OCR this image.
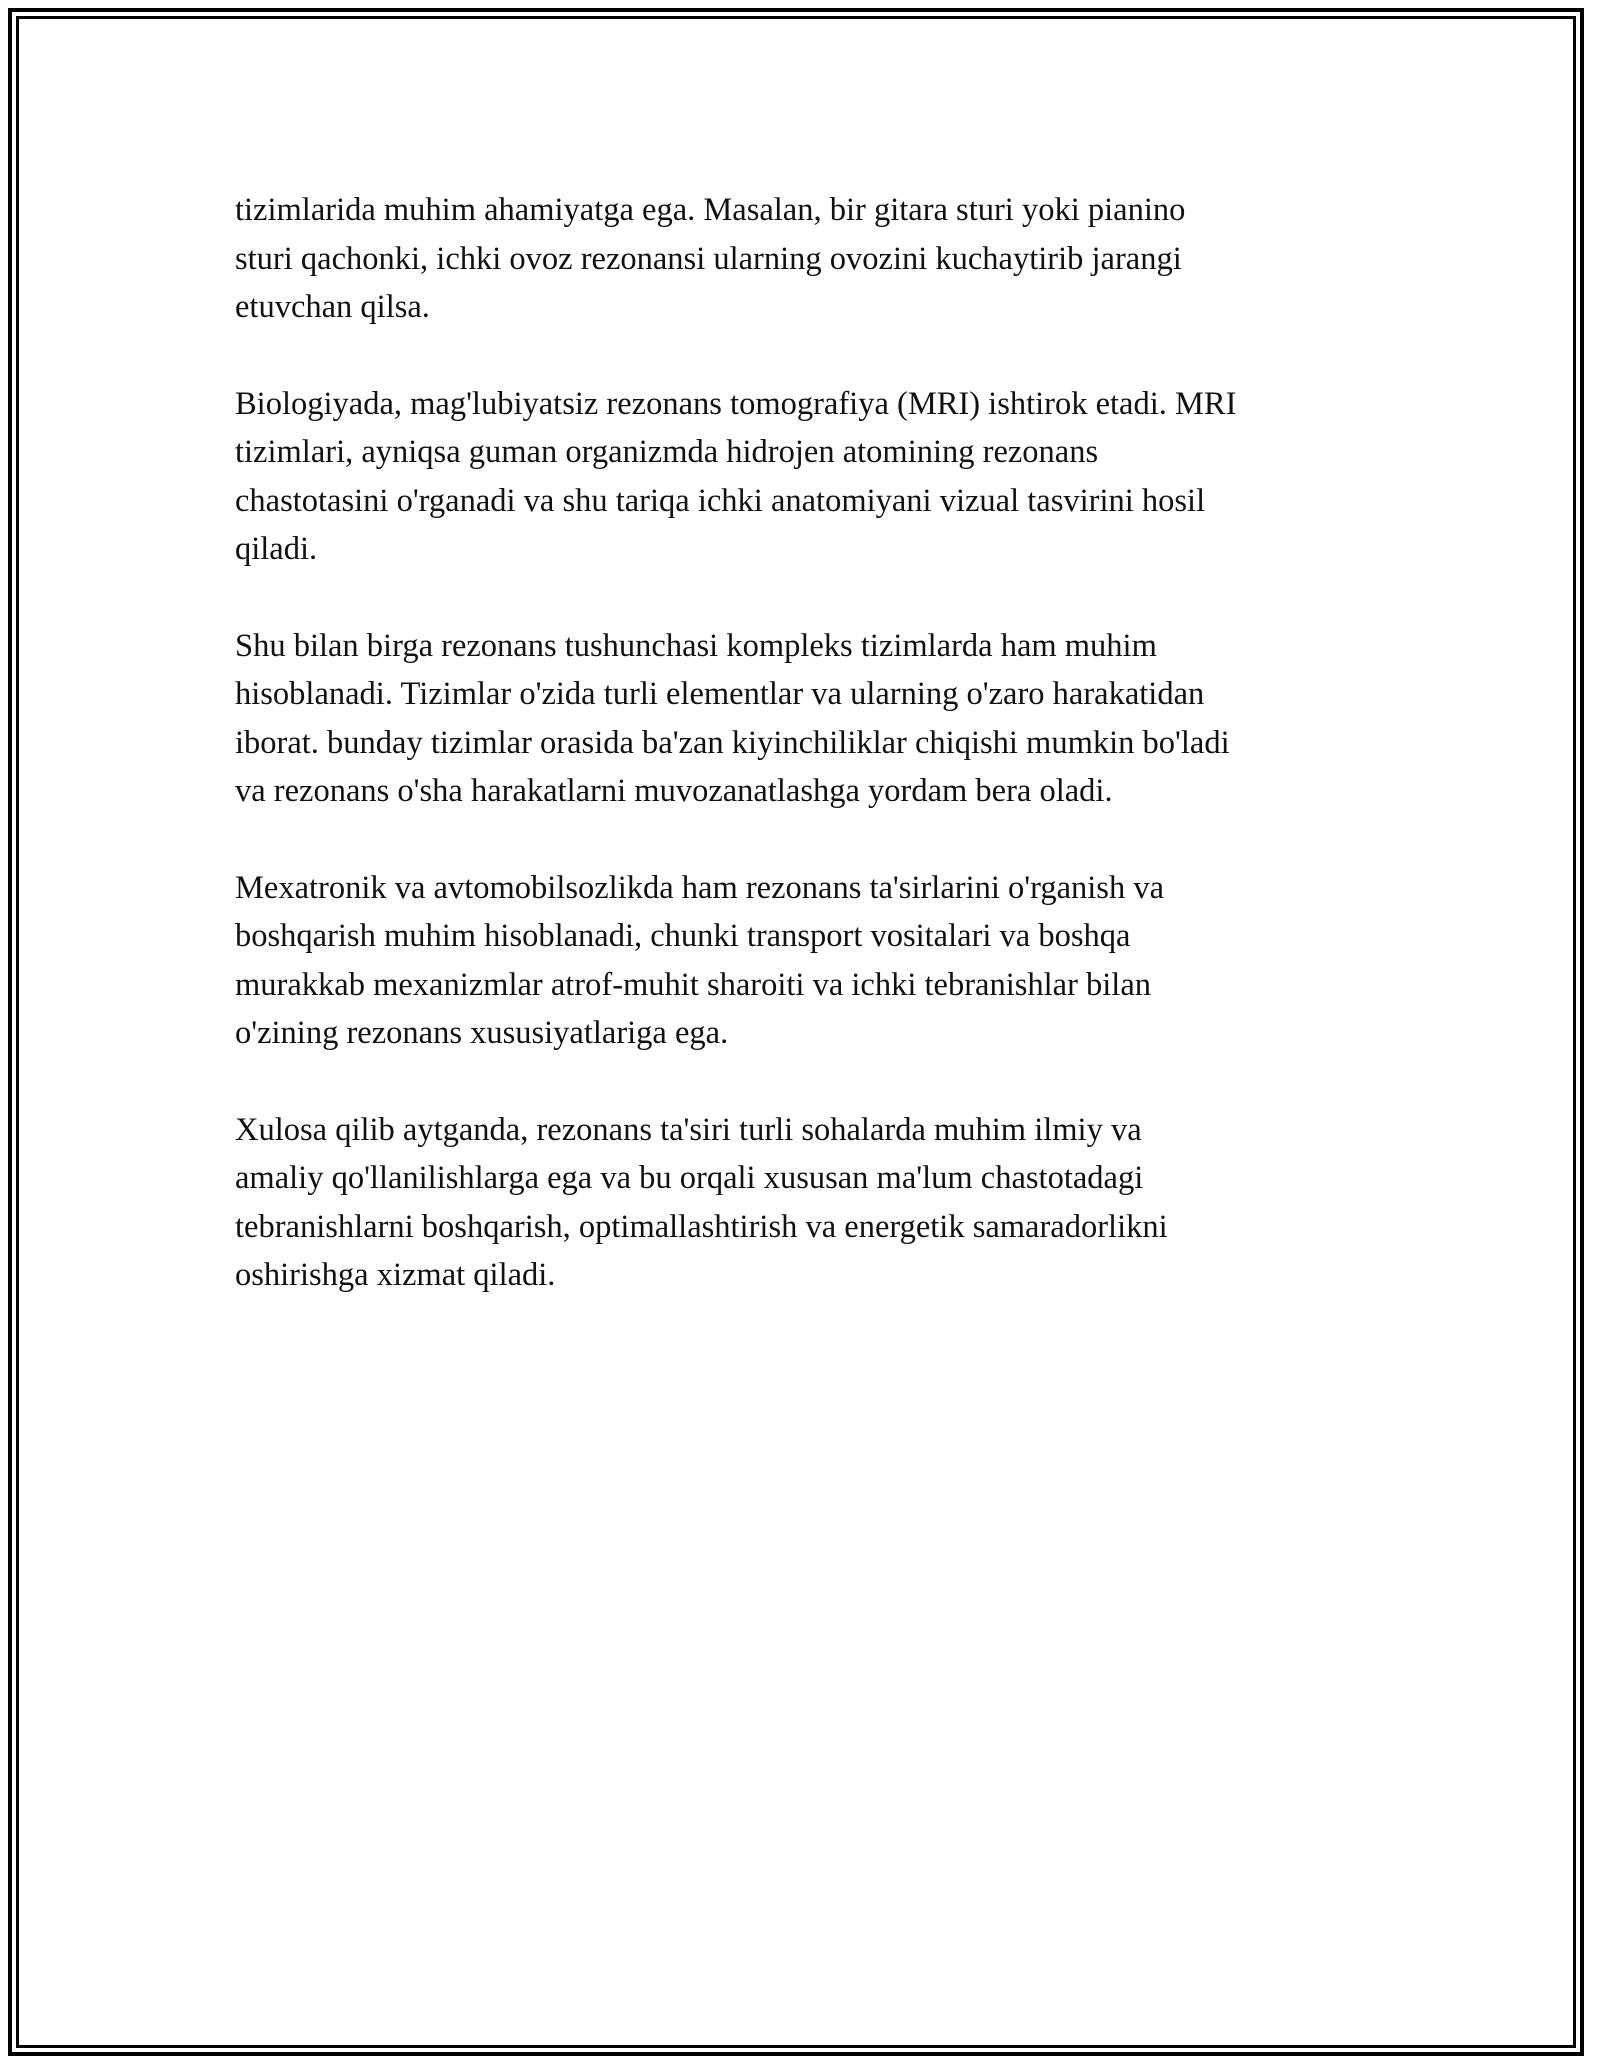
tizimlarida muhim ahamiyatga ega. Masalan, bir gitara sturi yoki pianino
sturi qachonki, ichki ovoz rezonansi ularning ovozini kuchaytirib jarangi
etuvchan qilsa.

Biologiyada, mag'lubiyatsiz rezonans tomografiya (MRI) ishtirok etadi. MRI
tizimlari, ayniqsa guman organizmda hidrojen atomining rezonans
chastotasini o'rganadi va shu tariqa ichki anatomiyani vizual tasvirini hosil
qiladi.

Shu bilan birga rezonans tushunchasi kompleks tizimlarda ham muhim
hisoblanadi. Tizimlar o'zida turli elementlar va ularning o'zaro harakatidan
iborat. bunday tizimlar orasida ba'zan kiyinchiliklar chiqishi mumkin bo'ladi
va rezonans o'sha harakatlarni muvozanatlashga yordam bera oladi.

Mexatronik va avtomobilsozlikda ham rezonans ta'sirlarini o'rganish va
boshqarish muhim hisoblanadi, chunki transport vositalari va boshqa
murakkab mexanizmlar atrof-muhit sharoiti va ichki tebranishlar bilan
o'zining rezonans xususiyatlariga ega.

Xulosa qilib aytganda, rezonans ta'siri turli sohalarda muhim ilmiy va
amaliy qo'llanilishlarga ega va bu orqali xususan ma'lum chastotadagi
tebranishlarni boshqarish, optimallashtirish va energetik samaradorlikni
oshirishga xizmat qiladi.
